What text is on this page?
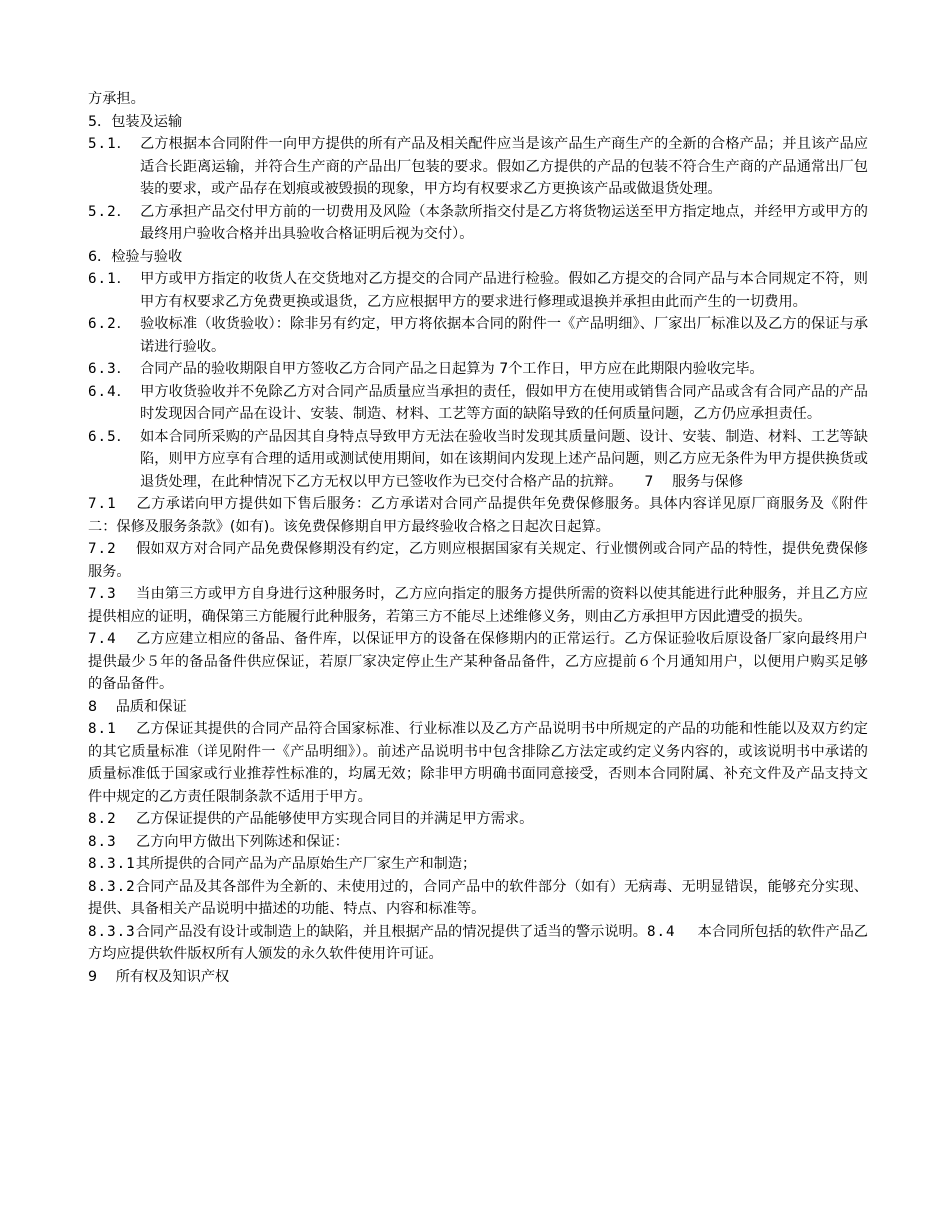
方承担。

5．包装及运输

5.1． 乙方根据本合同附件一向甲方提供的所有产品及相关配件应当是该产品生产商生产的全新的合格产品；并且该产品应适合长距离运输，并符合生产商的产品出厂包装的要求。假如乙方提供的产品的包装不符合生产商的产品通常出厂包装的要求，或产品存在划痕或被毁损的现象，甲方均有权要求乙方更换该产品或做退货处理。

5.2． 乙方承担产品交付甲方前的一切费用及风险（本条款所指交付是乙方将货物运送至甲方指定地点，并经甲方或甲方的最终用户验收合格并出具验收合格证明后视为交付）。

6．检验与验收

6.1． 甲方或甲方指定的收货人在交货地对乙方提交的合同产品进行检验。假如乙方提交的合同产品与本合同规定不符，则甲方有权要求乙方免费更换或退货，乙方应根据甲方的要求进行修理或退换并承担由此而产生的一切费用。

6.2． 验收标准（收货验收）：除非另有约定，甲方将依据本合同的附件一《产品明细》、厂家出厂标准以及乙方的保证与承诺进行验收。

6.3． 合同产品的验收期限自甲方签收乙方合同产品之日起算为 7个工作日，甲方应在此期限内验收完毕。

6.4． 甲方收货验收并不免除乙方对合同产品质量应当承担的责任，假如甲方在使用或销售合同产品或含有合同产品的产品时发现因合同产品在设计、安装、制造、材料、工艺等方面的缺陷导致的任何质量问题，乙方仍应承担责任。

6.5． 如本合同所采购的产品因其自身特点导致甲方无法在验收当时发现其质量问题、设计、安装、制造、材料、工艺等缺陷，则甲方应享有合理的适用或测试使用期间，如在该期间内发现上述产品问题，则乙方应无条件为甲方提供换货或退货处理，在此种情况下乙方无权以甲方已签收作为已交付合格产品的抗辩。 7　 服务与保修

7.1 乙方承诺向甲方提供如下售后服务：乙方承诺对合同产品提供年免费保修服务。具体内容详见原厂商服务及《附件二：保修及服务条款》(如有)。该免费保修期自甲方最终验收合格之日起次日起算。

7.2 假如双方对合同产品免费保修期没有约定，乙方则应根据国家有关规定、行业惯例或合同产品的特性，提供免费保修服务。

7.3 当由第三方或甲方自身进行这种服务时，乙方应向指定的服务方提供所需的资料以使其能进行此种服务，并且乙方应提供相应的证明，确保第三方能履行此种服务，若第三方不能尽上述维修义务，则由乙方承担甲方因此遭受的损失。

7.4 乙方应建立相应的备品、备件库，以保证甲方的设备在保修期内的正常运行。乙方保证验收后原设备厂家向最终用户提供最少５年的备品备件供应保证，若原厂家决定停止生产某种备品备件，乙方应提前６个月通知用户，以便用户购买足够的备品备件。

8　 品质和保证

8.1 乙方保证其提供的合同产品符合国家标准、行业标准以及乙方产品说明书中所规定的产品的功能和性能以及双方约定的其它质量标准（详见附件一《产品明细》）。前述产品说明书中包含排除乙方法定或约定义务内容的，或该说明书中承诺的质量标准低于国家或行业推荐性标准的，均属无效；除非甲方明确书面同意接受，否则本合同附属、补充文件及产品支持文件中规定的乙方责任限制条款不适用于甲方。

8.2 乙方保证提供的产品能够使甲方实现合同目的并满足甲方需求。

8.3 乙方向甲方做出下列陈述和保证：

8.3.1其所提供的合同产品为产品原始生产厂家生产和制造；

8.3.2合同产品及其各部件为全新的、未使用过的，合同产品中的软件部分（如有）无病毒、无明显错误，能够充分实现、提供、具备相关产品说明中描述的功能、特点、内容和标准等。

8.3.3合同产品没有设计或制造上的缺陷，并且根据产品的情况提供了适当的警示说明。8.4 本合同所包括的软件产品乙方均应提供软件版权所有人颁发的永久软件使用许可证。

9　 所有权及知识产权
